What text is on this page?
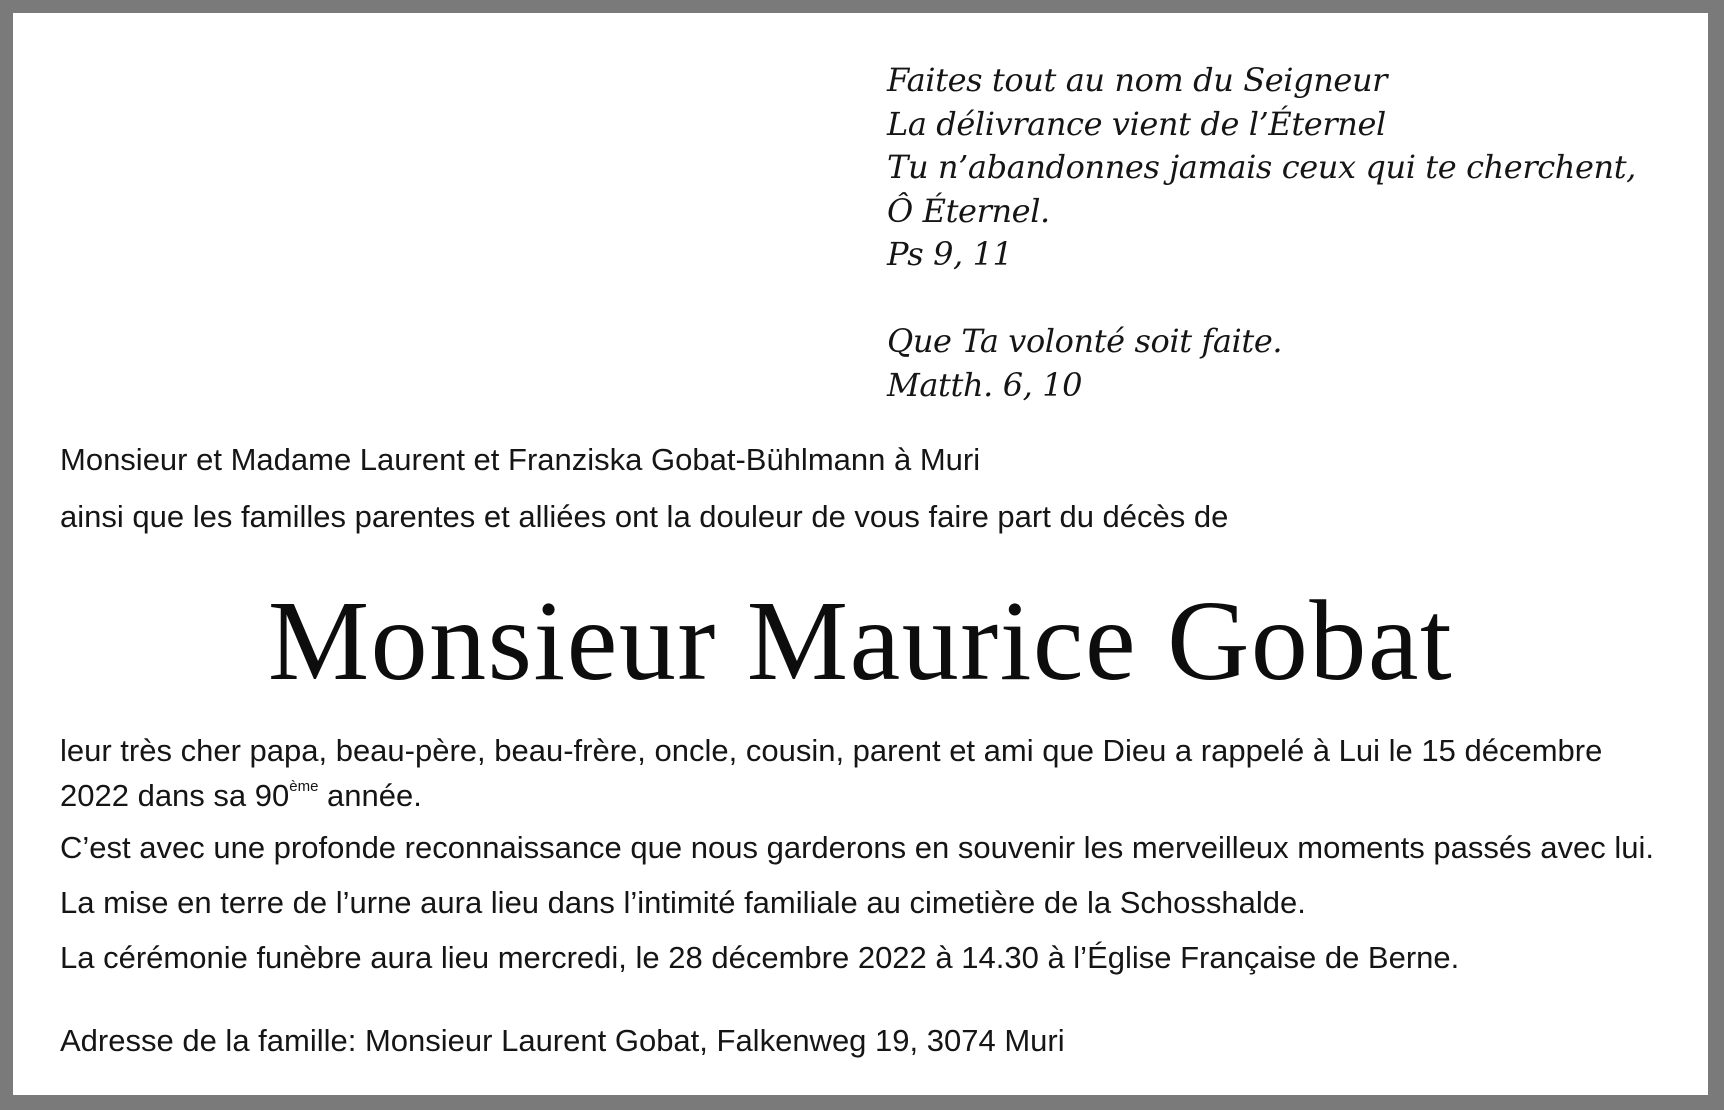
Faites tout au nom du Seigneur
La délivrance vient de l’Éternel
Tu n’abandonnes jamais ceux qui te cherchent,
Ô Éternel.
Ps 9, 11
Que Ta volonté soit faite.
Matth. 6, 10
Monsieur et Madame Laurent et Franziska Gobat-Bühlmann à Muri
ainsi que les familles parentes et alliées ont la douleur de vous faire part du décès de
Monsieur Maurice Gobat
leur très cher papa, beau-père, beau-frère, oncle, cousin, parent et ami que Dieu a rappelé à Lui le 15 décembre 2022 dans sa 90ème année.
C’est avec une profonde reconnaissance que nous garderons en souvenir les merveilleux moments passés avec lui.
La mise en terre de l’urne aura lieu dans l’intimité familiale au cimetière de la Schosshalde.
La cérémonie funèbre aura lieu mercredi, le 28 décembre 2022 à 14.30 à l’Église Française de Berne.
Adresse de la famille: Monsieur Laurent Gobat, Falkenweg 19, 3074 Muri
